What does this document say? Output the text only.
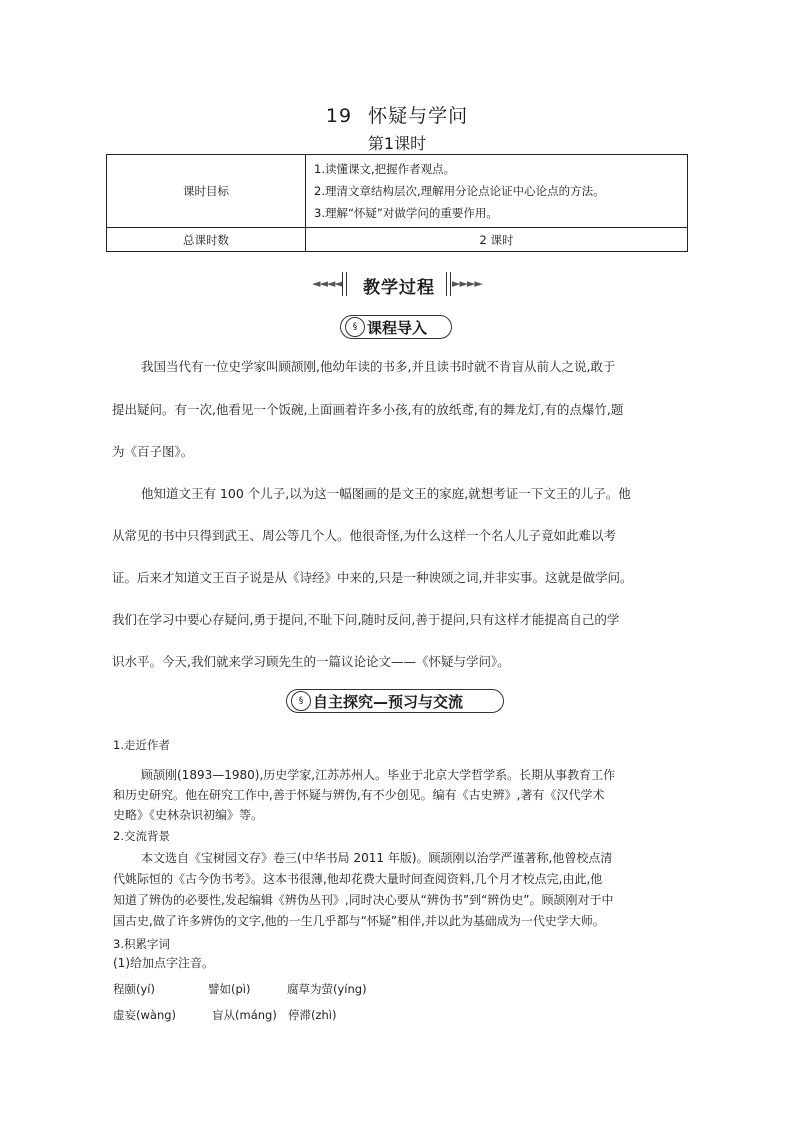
19 怀疑与学问
第1课时
课时目标	1.读懂课文,把握作者观点。
2.理清文章结构层次,理解用分论点论证中心论点的方法。
3.理解“怀疑”对做学问的重要作用。

总课时数	2 课时
◄◄◄◄	教学过程	►►►►
§ 课程导入
我国当代有一位史学家叫顾颉刚,他幼年读的书多,并且读书时就不肯盲从前人之说,敢于
提出疑问。有一次,他看见一个饭碗,上面画着许多小孩,有的放纸鸢,有的舞龙灯,有的点爆竹,题
为《百子图》。
他知道文王有 100 个儿子,以为这一幅图画的是文王的家庭,就想考证一下文王的儿子。他
从常见的书中只得到武王、周公等几个人。他很奇怪,为什么这样一个名人儿子竟如此难以考
证。后来才知道文王百子说是从《诗经》中来的,只是一种谀颂之词,并非实事。这就是做学问。
我们在学习中要心存疑问,勇于提问,不耻下问,随时反问,善于提问,只有这样才能提高自己的学
识水平。今天,我们就来学习顾先生的一篇议论论文——《怀疑与学问》。
§ 自主探究—预习与交流
1.走近作者
顾颉刚(1893—1980),历史学家,江苏苏州人。毕业于北京大学哲学系。长期从事教育工作
和历史研究。他在研究工作中,善于怀疑与辨伪,有不少创见。编有《古史辨》,著有《汉代学术
史略》《史林杂识初编》等。
2.交流背景
本文选自《宝树园文存》卷三(中华书局 2011 年版)。顾颉刚以治学严谨著称,他曾校点清
代姚际恒的《古今伪书考》。这本书很薄,他却花费大量时间查阅资料,几个月才校点完,由此,他
知道了辨伪的必要性,发起编辑《辨伪丛刊》,同时决心要从“辨伪书”到“辨伪史”。顾颉刚对于中
国古史,做了许多辨伪的文字,他的一生几乎都与“怀疑”相伴,并以此为基础成为一代史学大师。
3.积累字词
(1)给加点字注音。
程颐(yí)	譬如(pì)	腐草为萤(yíng)
虚妄(wàng)	盲从(máng) 停滞(zhì)
